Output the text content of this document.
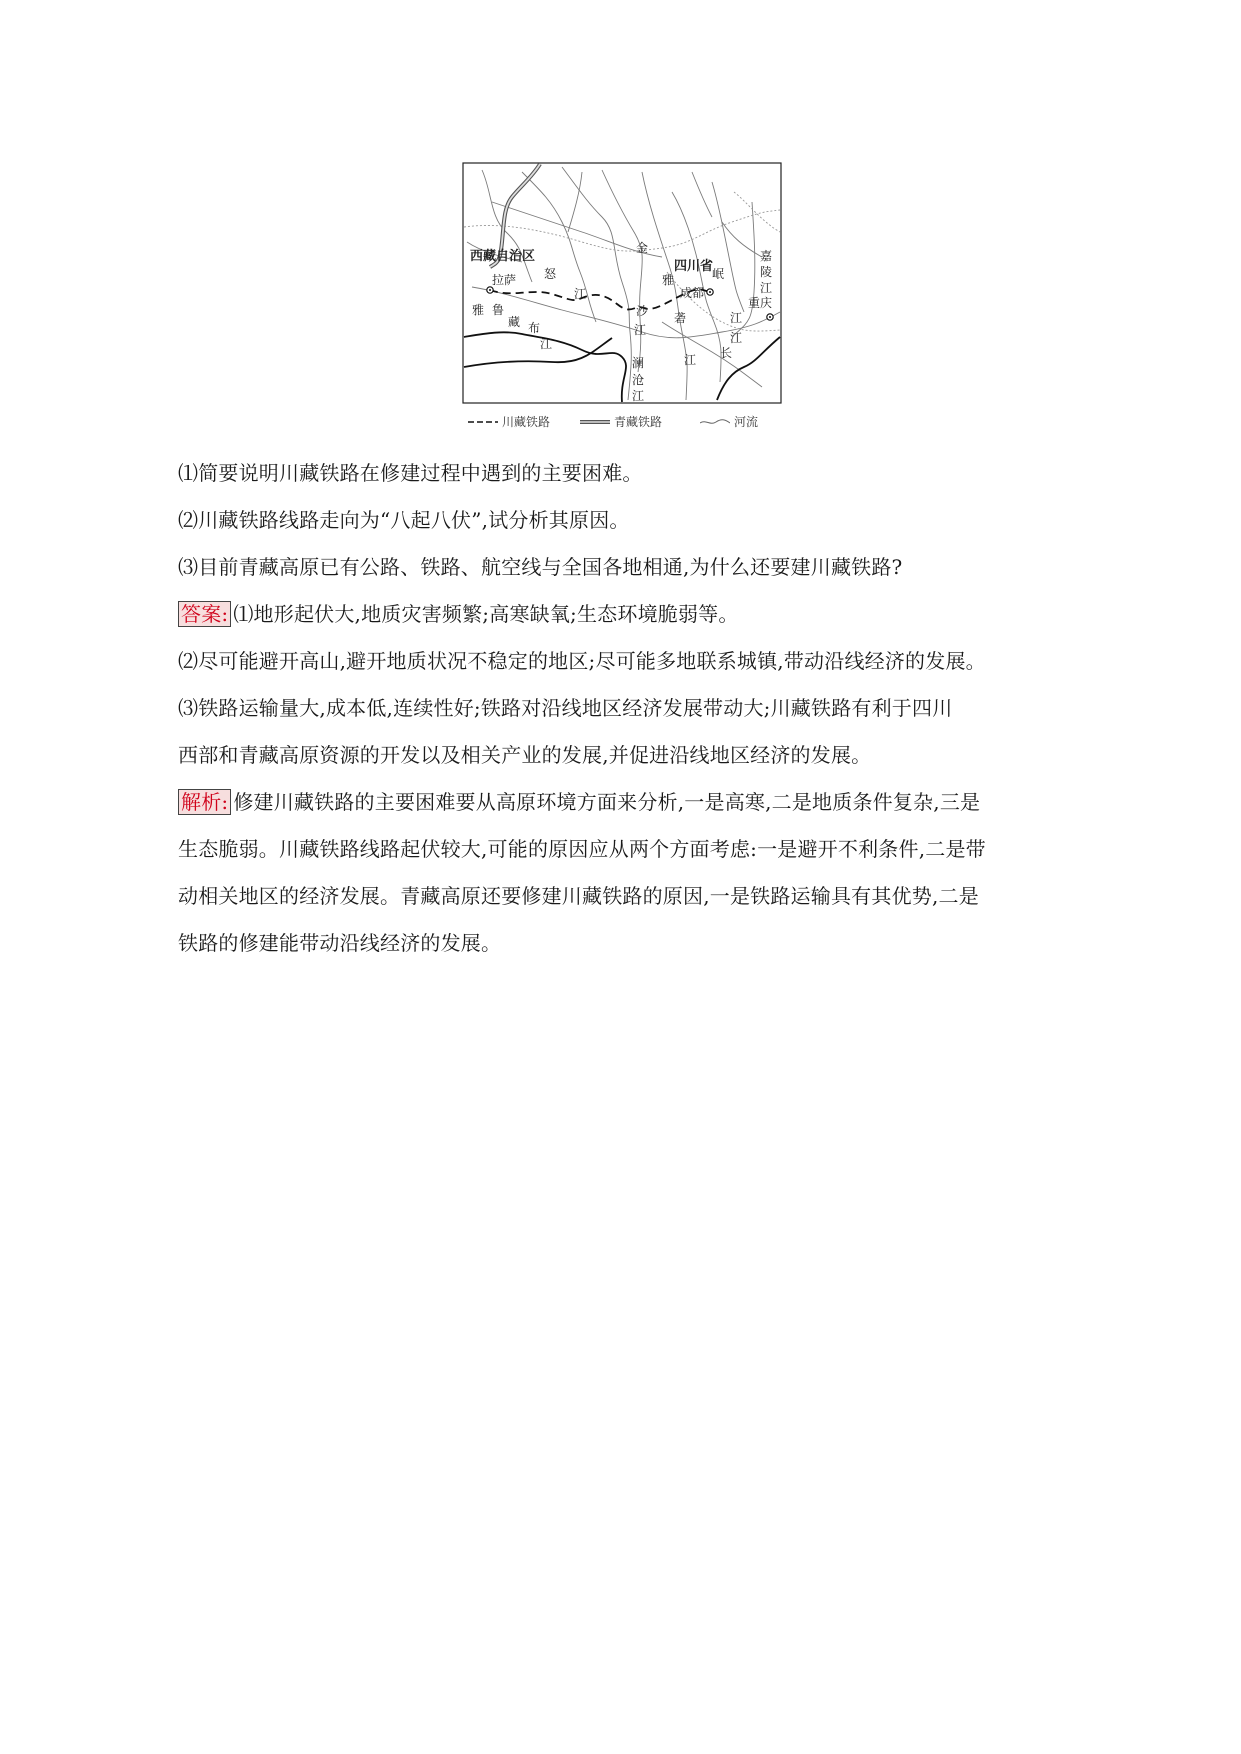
西藏自治区
拉萨 怒
江
雅 鲁
藏 布
江
金
沙
江
雅
砻
江
澜
沧
江
四川省
成都
岷
江
嘉
陵
江
重庆
长
江
川藏铁路	青藏铁路	河流
⑴简要说明川藏铁路在修建过程中遇到的主要困难。
⑵川藏铁路线路走向为“八起八伏”,试分析其原因。
⑶目前青藏高原已有公路、铁路、航空线与全国各地相通,为什么还要建川藏铁路?
答案: ⑴地形起伏大,地质灾害频繁;高寒缺氧;生态环境脆弱等。
⑵尽可能避开高山,避开地质状况不稳定的地区;尽可能多地联系城镇,带动沿线经济的发展。
⑶铁路运输量大,成本低,连续性好;铁路对沿线地区经济发展带动大;川藏铁路有利于四川
西部和青藏高原资源的开发以及相关产业的发展,并促进沿线地区经济的发展。
解析: 修建川藏铁路的主要困难要从高原环境方面来分析,一是高寒,二是地质条件复杂,三是
生态脆弱。川藏铁路线路起伏较大,可能的原因应从两个方面考虑:一是避开不利条件,二是带
动相关地区的经济发展。青藏高原还要修建川藏铁路的原因,一是铁路运输具有其优势,二是
铁路的修建能带动沿线经济的发展。
